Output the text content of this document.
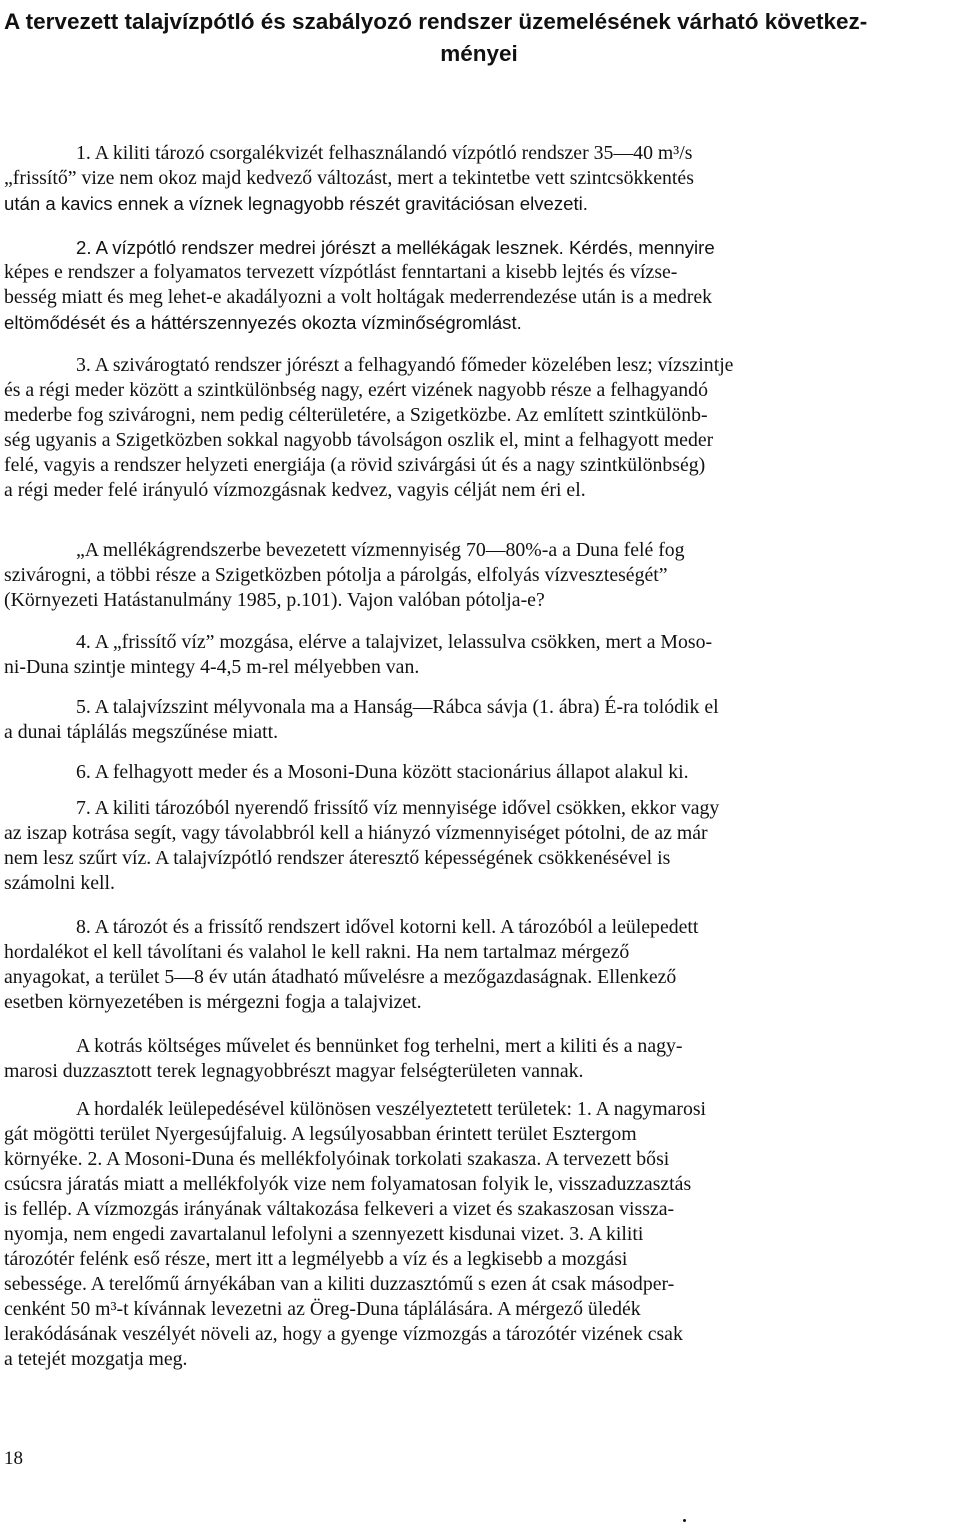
A tervezett talajvízpótló és szabályozó rendszer üzemelésének várható következ-

ményei
1. A kiliti tározó csorgalékvizét felhasználandó vízpótló rendszer 35—40 m³/s
„frissítő” vize nem okoz majd kedvező változást, mert a tekintetbe vett szintcsökkentés
után a kavics ennek a víznek legnagyobb részét gravitációsan elvezeti.
2. A vízpótló rendszer medrei jórészt a mellékágak lesznek. Kérdés, mennyire
képes e rendszer a folyamatos tervezett vízpótlást fenntartani a kisebb lejtés és vízse-
besség miatt és meg lehet-e akadályozni a volt holtágak mederrendezése után is a medrek
eltömődését és a háttérszennyezés okozta vízminőségromlást.
3. A szivárogtató rendszer jórészt a felhagyandó főmeder közelében lesz; vízszintje
és a régi meder között a szintkülönbség nagy, ezért vizének nagyobb része a felhagyandó
mederbe fog szivárogni, nem pedig célterületére, a Szigetközbe. Az említett szintkülönb-
ség ugyanis a Szigetközben sokkal nagyobb távolságon oszlik el, mint a felhagyott meder
felé, vagyis a rendszer helyzeti energiája (a rövid szivárgási út és a nagy szintkülönbség)
a régi meder felé irányuló vízmozgásnak kedvez, vagyis célját nem éri el.
„A mellékágrendszerbe bevezetett vízmennyiség 70—80%-a a Duna felé fog
szivárogni, a többi része a Szigetközben pótolja a párolgás, elfolyás vízveszteségét”
(Környezeti Hatástanulmány 1985, p.101). Vajon valóban pótolja-e?
4. A „frissítő víz” mozgása, elérve a talajvizet, lelassulva csökken, mert a Moso-
ni-Duna szintje mintegy 4-4,5 m-rel mélyebben van.
5. A talajvízszint mélyvonala ma a Hanság—Rábca sávja (1. ábra) É-ra tolódik el
a dunai táplálás megszűnése miatt.
6. A felhagyott meder és a Mosoni-Duna között stacionárius állapot alakul ki.
7. A kiliti tározóból nyerendő frissítő víz mennyisége idővel csökken, ekkor vagy
az iszap kotrása segít, vagy távolabbról kell a hiányzó vízmennyiséget pótolni, de az már
nem lesz szűrt víz. A talajvízpótló rendszer áteresztő képességének csökkenésével is
számolni kell.
8. A tározót és a frissítő rendszert idővel kotorni kell. A tározóból a leülepedett
hordalékot el kell távolítani és valahol le kell rakni. Ha nem tartalmaz mérgező
anyagokat, a terület 5—8 év után átadható művelésre a mezőgazdaságnak. Ellenkező
esetben környezetében is mérgezni fogja a talajvizet.
A kotrás költséges művelet és bennünket fog terhelni, mert a kiliti és a nagy-
marosi duzzasztott terek legnagyobbrészt magyar felségterületen vannak.
A hordalék leülepedésével különösen veszélyeztetett területek: 1. A nagymarosi
gát mögötti terület Nyergesújfaluig. A legsúlyosabban érintett terület Esztergom
környéke. 2. A Mosoni-Duna és mellékfolyóinak torkolati szakasza. A tervezett bősi
csúcsra járatás miatt a mellékfolyók vize nem folyamatosan folyik le, visszaduzzasztás
is fellép. A vízmozgás irányának váltakozása felkeveri a vizet és szakaszosan vissza-
nyomja, nem engedi zavartalanul lefolyni a szennyezett kisdunai vizet. 3. A kiliti
tározótér felénk eső része, mert itt a legmélyebb a víz és a legkisebb a mozgási
sebessége. A terelőmű árnyékában van a kiliti duzzasztómű s ezen át csak másodper-
cenként 50 m³-t kívánnak levezetni az Öreg-Duna táplálására. A mérgező üledék
lerakódásának veszélyét növeli az, hogy a gyenge vízmozgás a tározótér vizének csak
a tetejét mozgatja meg.
18
